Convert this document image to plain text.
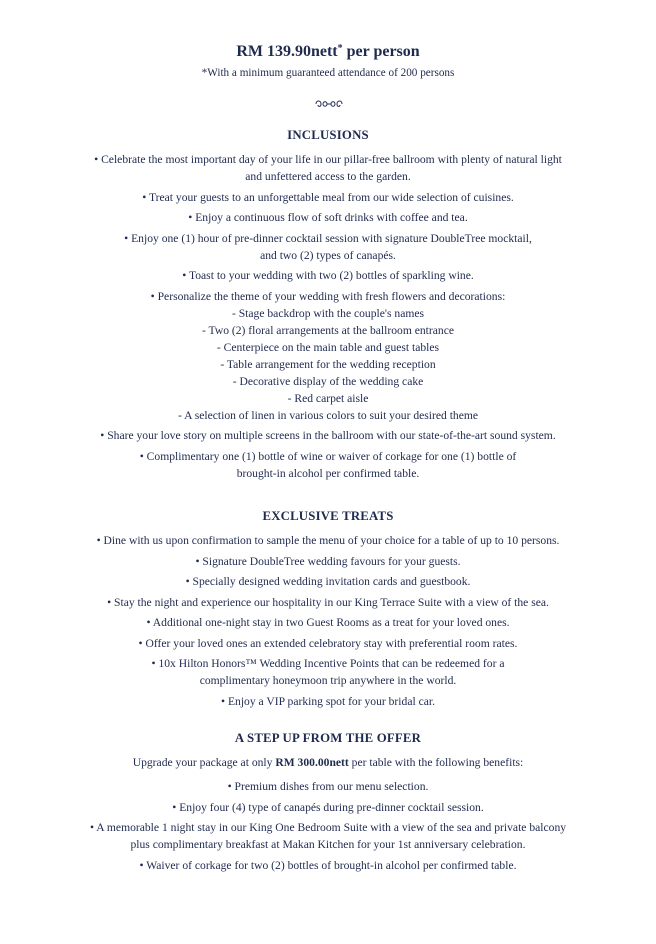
RM 139.90nett* per person
*With a minimum guaranteed attendance of 200 persons
INCLUSIONS
• Celebrate the most important day of your life in our pillar-free ballroom with plenty of natural light
and unfettered access to the garden.
• Treat your guests to an unforgettable meal from our wide selection of cuisines.
• Enjoy a continuous flow of soft drinks with coffee and tea.
• Enjoy one (1) hour of pre-dinner cocktail session with signature DoubleTree mocktail,
and two (2) types of canapés.
• Toast to your wedding with two (2) bottles of sparkling wine.
• Personalize the theme of your wedding with fresh flowers and decorations:
- Stage backdrop with the couple's names
- Two (2) floral arrangements at the ballroom entrance
- Centerpiece on the main table and guest tables
- Table arrangement for the wedding reception
- Decorative display of the wedding cake
- Red carpet aisle
- A selection of linen in various colors to suit your desired theme
• Share your love story on multiple screens in the ballroom with our state-of-the-art sound system.
• Complimentary one (1) bottle of wine or waiver of corkage for one (1) bottle of
brought-in alcohol per confirmed table.
EXCLUSIVE TREATS
• Dine with us upon confirmation to sample the menu of your choice for a table of up to 10 persons.
• Signature DoubleTree wedding favours for your guests.
• Specially designed wedding invitation cards and guestbook.
• Stay the night and experience our hospitality in our King Terrace Suite with a view of the sea.
• Additional one-night stay in two Guest Rooms as a treat for your loved ones.
• Offer your loved ones an extended celebratory stay with preferential room rates.
• 10x Hilton Honors™ Wedding Incentive Points that can be redeemed for a
complimentary honeymoon trip anywhere in the world.
• Enjoy a VIP parking spot for your bridal car.
A STEP UP FROM THE OFFER
Upgrade your package at only RM 300.00nett per table with the following benefits:
• Premium dishes from our menu selection.
• Enjoy four (4) type of canapés during pre-dinner cocktail session.
• A memorable 1 night stay in our King One Bedroom Suite with a view of the sea and private balcony
plus complimentary breakfast at Makan Kitchen for your 1st anniversary celebration.
• Waiver of corkage for two (2) bottles of brought-in alcohol per confirmed table.
